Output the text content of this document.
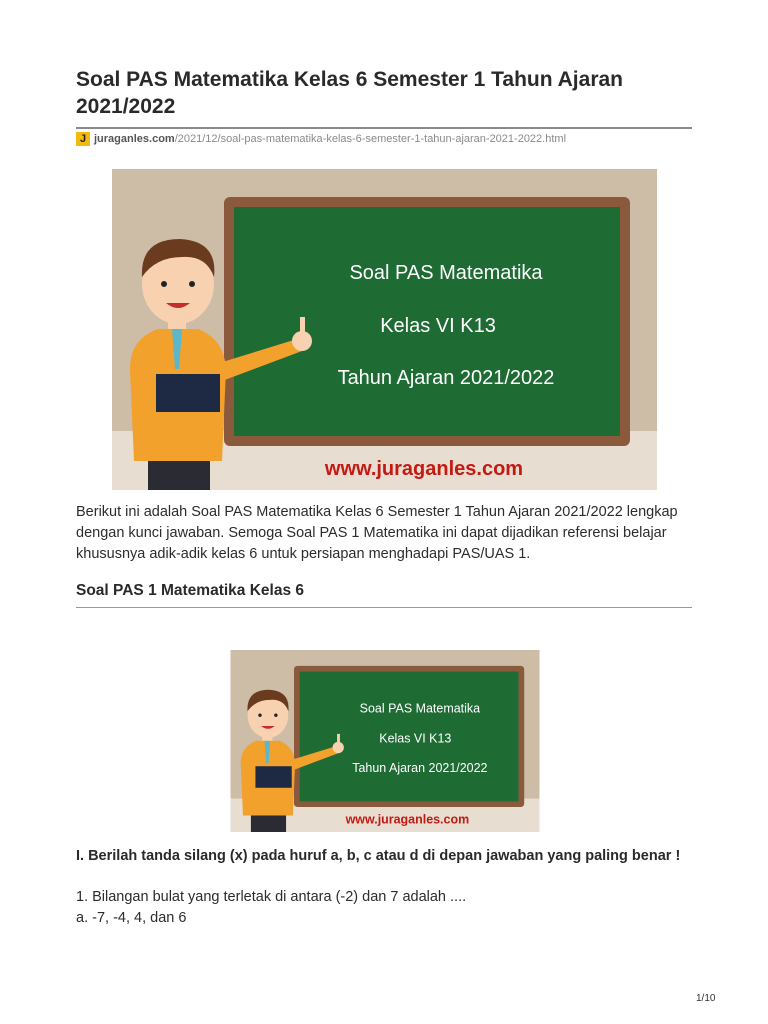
Soal PAS Matematika Kelas 6 Semester 1 Tahun Ajaran 2021/2022
J juraganles.com/2021/12/soal-pas-matematika-kelas-6-semester-1-tahun-ajaran-2021-2022.html
Soal PAS Matematika
Kelas VI K13
Tahun Ajaran 2021/2022
www.juraganles.com

Berikut ini adalah Soal PAS Matematika Kelas 6 Semester 1 Tahun Ajaran 2021/2022 lengkap dengan kunci jawaban. Semoga Soal PAS 1 Matematika ini dapat dijadikan referensi belajar khususnya adik-adik kelas 6 untuk persiapan menghadapi PAS/UAS 1.

Soal PAS 1 Matematika Kelas 6
Soal PAS Matematika
Kelas VI K13
Tahun Ajaran 2021/2022
www.juraganles.com

I. Berilah tanda silang (x) pada huruf a, b, c atau d di depan jawaban yang paling benar !

1. Bilangan bulat yang terletak di antara (-2) dan 7 adalah ....
a. -7, -4, 4, dan 6
1/10
